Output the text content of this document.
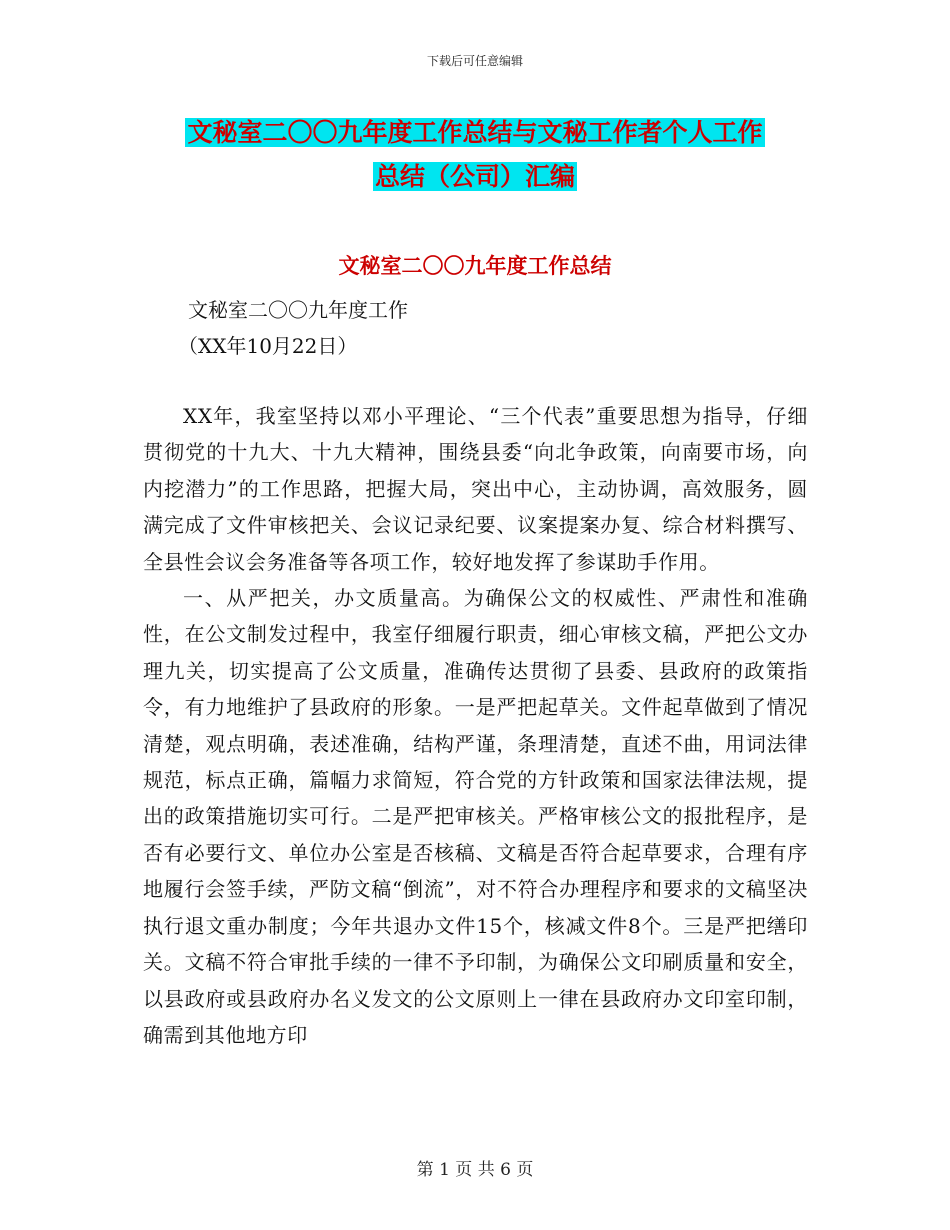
下载后可任意编辑
文秘室二〇〇九年度工作总结与文秘工作者个人工作
总结（公司）汇编
文秘室二〇〇九年度工作总结
文秘室二〇〇九年度工作
（XX年10月22日）

XX年，我室坚持以邓小平理论、“三个代表”重要思想为指导，仔细贯彻党的十九大、十九大精神，围绕县委“向北争政策，向南要市场，向内挖潜力”的工作思路，把握大局，突出中心，主动协调，高效服务，圆满完成了文件审核把关、会议记录纪要、议案提案办复、综合材料撰写、全县性会议会务准备等各项工作，较好地发挥了参谋助手作用。

一、从严把关，办文质量高。为确保公文的权威性、严肃性和准确性，在公文制发过程中，我室仔细履行职责，细心审核文稿，严把公文办理九关，切实提高了公文质量，准确传达贯彻了县委、县政府的政策指令，有力地维护了县政府的形象。一是严把起草关。文件起草做到了情况清楚，观点明确，表述准确，结构严谨，条理清楚，直述不曲，用词法律规范，标点正确，篇幅力求简短，符合党的方针政策和国家法律法规，提出的政策措施切实可行。二是严把审核关。严格审核公文的报批程序，是否有必要行文、单位办公室是否核稿、文稿是否符合起草要求，合理有序地履行会签手续，严防文稿“倒流”，对不符合办理程序和要求的文稿坚决执行退文重办制度；今年共退办文件15个，核减文件8个。三是严把缮印关。文稿不符合审批手续的一律不予印制，为确保公文印刷质量和安全，以县政府或县政府办名义发文的公文原则上一律在县政府办文印室印制，确需到其他地方印

第 1 页 共 6 页
